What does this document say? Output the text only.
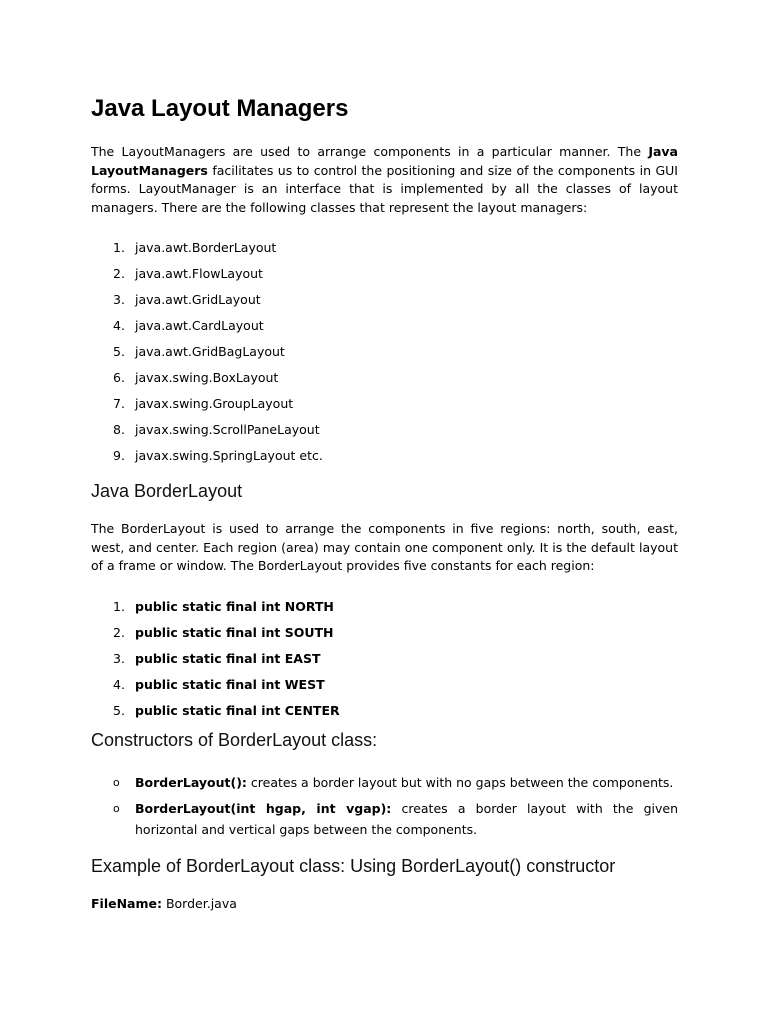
Java Layout Managers

The LayoutManagers are used to arrange components in a particular manner. The Java LayoutManagers facilitates us to control the positioning and size of the components in GUI forms. LayoutManager is an interface that is implemented by all the classes of layout managers. There are the following classes that represent the layout managers:

1. java.awt.BorderLayout
2. java.awt.FlowLayout
3. java.awt.GridLayout
4. java.awt.CardLayout
5. java.awt.GridBagLayout
6. javax.swing.BoxLayout
7. javax.swing.GroupLayout
8. javax.swing.ScrollPaneLayout
9. javax.swing.SpringLayout etc.
Java BorderLayout

The BorderLayout is used to arrange the components in five regions: north, south, east, west, and center. Each region (area) may contain one component only. It is the default layout of a frame or window. The BorderLayout provides five constants for each region:

1. public static final int NORTH
2. public static final int SOUTH
3. public static final int EAST
4. public static final int WEST
5. public static final int CENTER
Constructors of BorderLayout class:
o BorderLayout(): creates a border layout but with no gaps between the components.
o BorderLayout(int hgap, int vgap): creates a border layout with the given horizontal and vertical gaps between the components.
Example of BorderLayout class: Using BorderLayout() constructor
FileName: Border.java
